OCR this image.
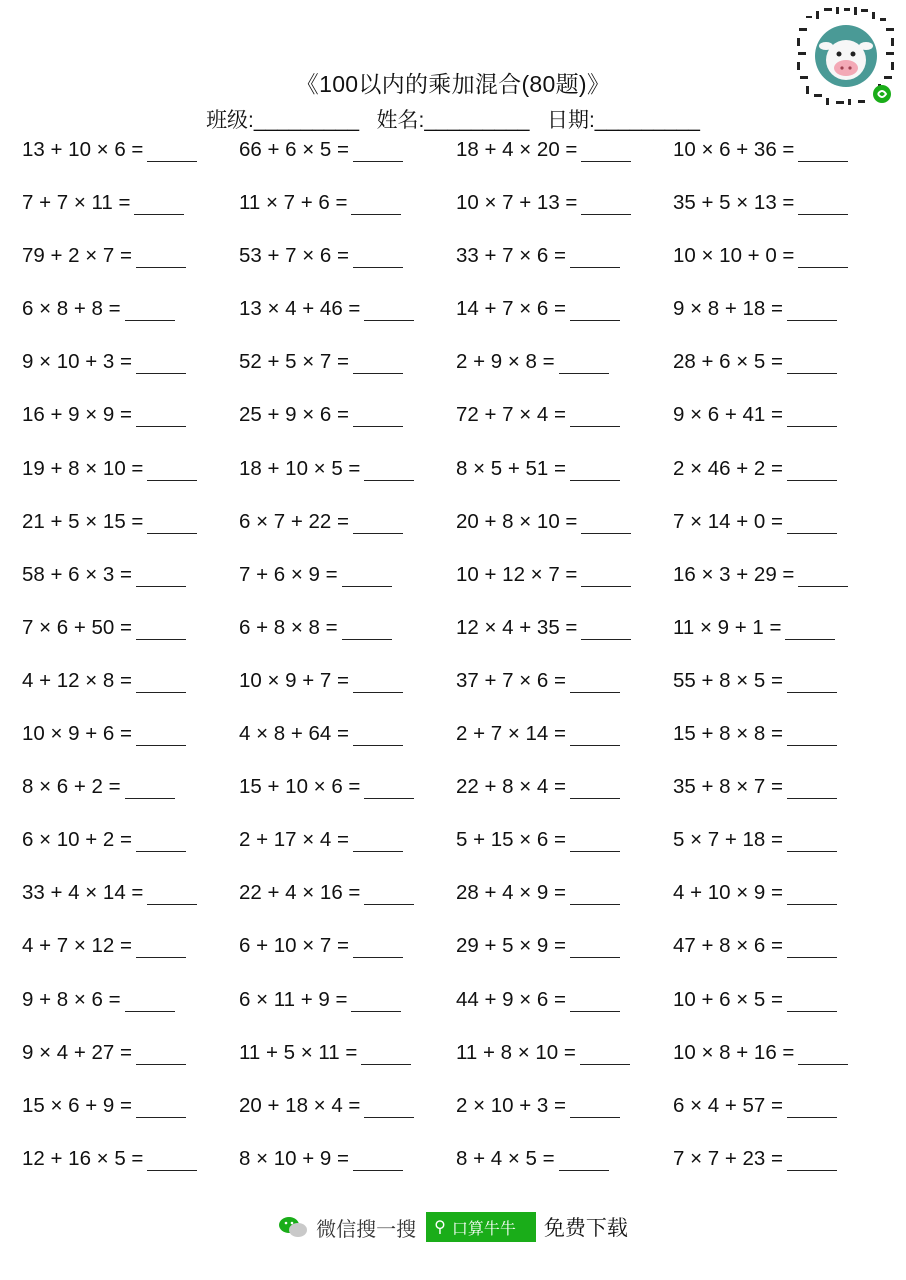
《100以内的乘加混合(80题)》
班级:_________   姓名:_________   日期:_________
13 + 10 × 6 =	66 + 6 × 5 =	18 + 4 × 20 =	10 × 6 + 36 =
7 + 7 × 11 =	11 × 7 + 6 =	10 × 7 + 13 =	35 + 5 × 13 =
79 + 2 × 7 =	53 + 7 × 6 =	33 + 7 × 6 =	10 × 10 + 0 =
6 × 8 + 8 =	13 × 4 + 46 =	14 + 7 × 6 =	9 × 8 + 18 =
9 × 10 + 3 =	52 + 5 × 7 =	2 + 9 × 8 =	28 + 6 × 5 =
16 + 9 × 9 =	25 + 9 × 6 =	72 + 7 × 4 =	9 × 6 + 41 =
19 + 8 × 10 =	18 + 10 × 5 =	8 × 5 + 51 =	2 × 46 + 2 =
21 + 5 × 15 =	6 × 7 + 22 =	20 + 8 × 10 =	7 × 14 + 0 =
58 + 6 × 3 =	7 + 6 × 9 =	10 + 12 × 7 =	16 × 3 + 29 =
7 × 6 + 50 =	6 + 8 × 8 =	12 × 4 + 35 =	11 × 9 + 1 =
4 + 12 × 8 =	10 × 9 + 7 =	37 + 7 × 6 =	55 + 8 × 5 =
10 × 9 + 6 =	4 × 8 + 64 =	2 + 7 × 14 =	15 + 8 × 8 =
8 × 6 + 2 =	15 + 10 × 6 =	22 + 8 × 4 =	35 + 8 × 7 =
6 × 10 + 2 =	2 + 17 × 4 =	5 + 15 × 6 =	5 × 7 + 18 =
33 + 4 × 14 =	22 + 4 × 16 =	28 + 4 × 9 =	4 + 10 × 9 =
4 + 7 × 12 =	6 + 10 × 7 =	29 + 5 × 9 =	47 + 8 × 6 =
9 + 8 × 6 =	6 × 11 + 9 =	44 + 9 × 6 =	10 + 6 × 5 =
9 × 4 + 27 =	11 + 5 × 11 =	11 + 8 × 10 =	10 × 8 + 16 =
15 × 6 + 9 =	20 + 18 × 4 =	2 × 10 + 3 =	6 × 4 + 57 =
12 + 16 × 5 =	8 × 10 + 9 =	8 + 4 × 5 =	7 × 7 + 23 =
微信搜一搜 ⚲ 口算牛牛 免费下载
